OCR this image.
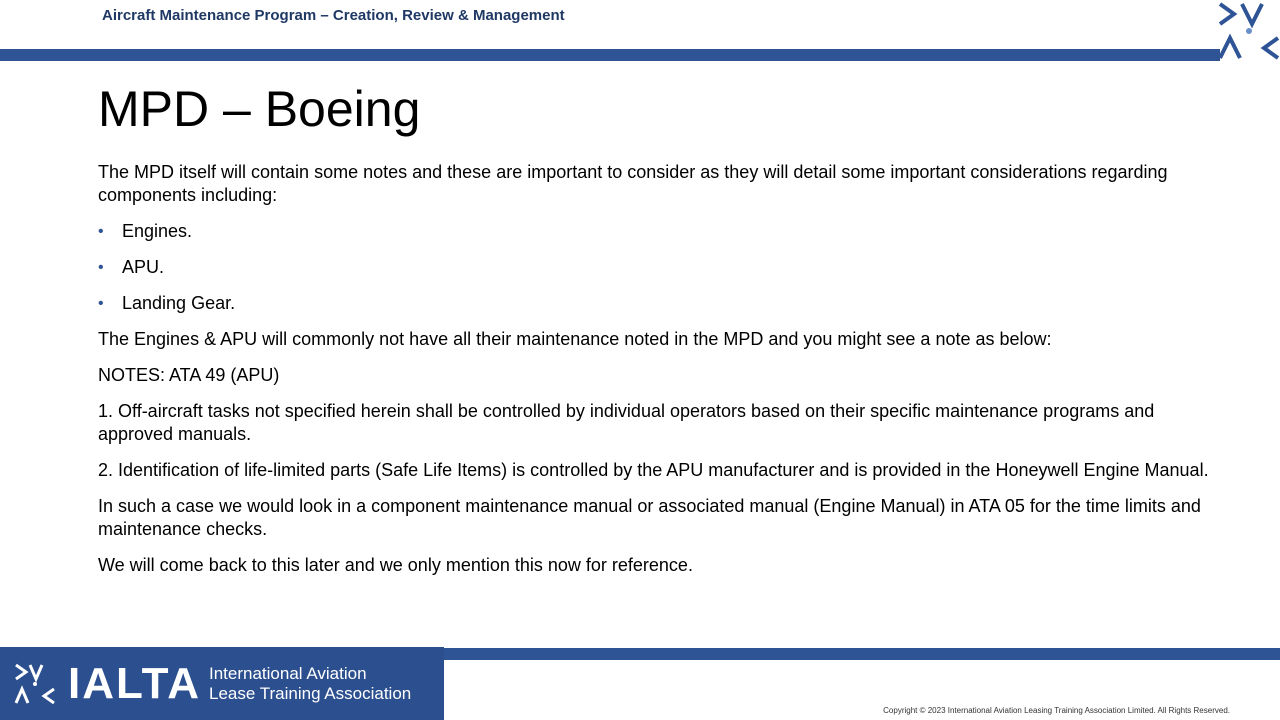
Aircraft Maintenance Program – Creation, Review & Management
MPD – Boeing

The MPD itself will contain some notes and these are important to consider as they will detail some important considerations regarding components including:

• Engines.
• APU.
• Landing Gear.

The Engines & APU will commonly not have all their maintenance noted in the MPD and you might see a note as below:

NOTES: ATA 49 (APU)

1. Off-aircraft tasks not specified herein shall be controlled by individual operators based on their specific maintenance programs and approved manuals.

2. Identification of life-limited parts (Safe Life Items) is controlled by the APU manufacturer and is provided in the Honeywell Engine Manual.

In such a case we would look in a component maintenance manual or associated manual (Engine Manual) in ATA 05 for the time limits and maintenance checks.

We will come back to this later and we only mention this now for reference.

IALTA International Aviation
Lease Training Association
Copyright © 2023 International Aviation Leasing Training Association Limited. All Rights Reserved.
